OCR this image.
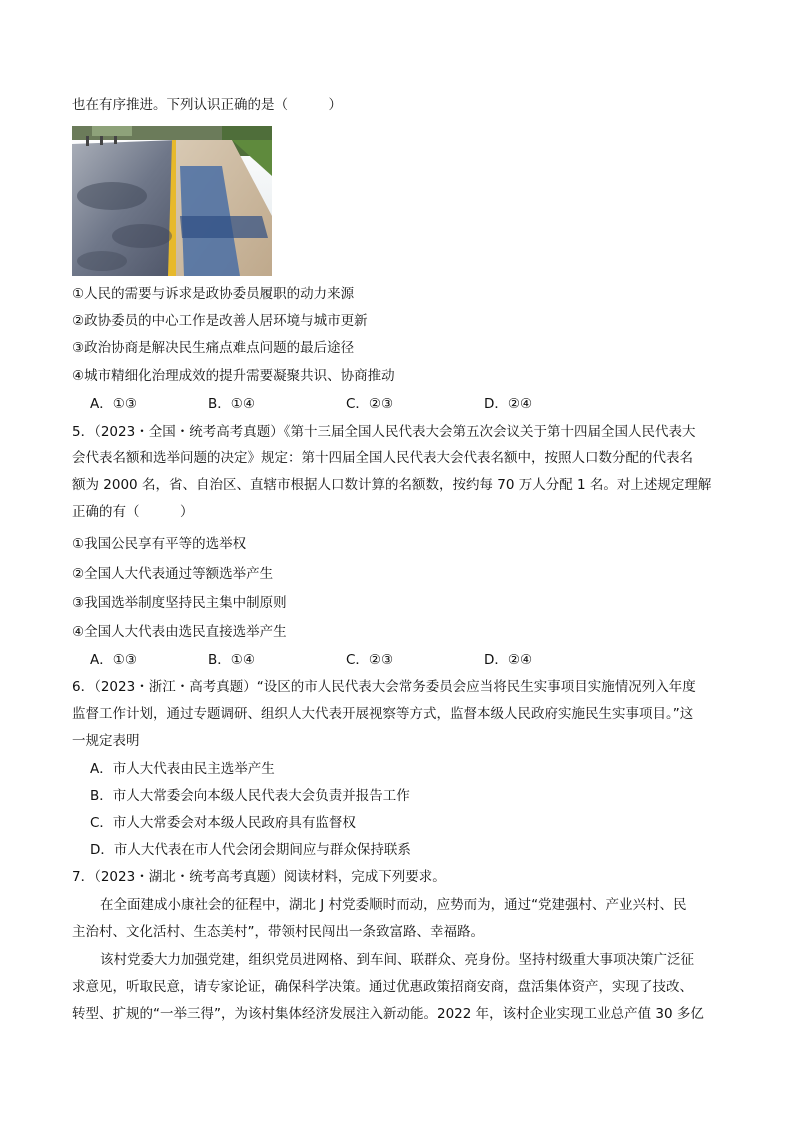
也在有序推进。下列认识正确的是（　　　）
①人民的需要与诉求是政协委员履职的动力来源
②政协委员的中心工作是改善人居环境与城市更新
③政治协商是解决民生痛点难点问题的最后途径
④城市精细化治理成效的提升需要凝聚共识、协商推动
A．①③	B．①④	C．②③	D．②④
5．（2023・全国・统考高考真题）《第十三届全国人民代表大会第五次会议关于第十四届全国人民代表大
会代表名额和选举问题的决定》规定：第十四届全国人民代表大会代表名额中，按照人口数分配的代表名
额为 2000 名，省、自治区、直辖市根据人口数计算的名额数，按约每 70 万人分配 1 名。对上述规定理解
正确的有（　　　）
①我国公民享有平等的选举权
②全国人大代表通过等额选举产生
③我国选举制度坚持民主集中制原则
④全国人大代表由选民直接选举产生
A．①③	B．①④	C．②③	D．②④
6．（2023・浙江・高考真题）“设区的市人民代表大会常务委员会应当将民生实事项目实施情况列入年度
监督工作计划，通过专题调研、组织人大代表开展视察等方式，监督本级人民政府实施民生实事项目。”这
一规定表明
A．市人大代表由民主选举产生
B．市人大常委会向本级人民代表大会负责并报告工作
C．市人大常委会对本级人民政府具有监督权
D．市人大代表在市人代会闭会期间应与群众保持联系
7．（2023・湖北・统考高考真题）阅读材料，完成下列要求。
在全面建成小康社会的征程中，湖北 J 村党委顺时而动，应势而为，通过“党建强村、产业兴村、民
主治村、文化活村、生态美村”，带领村民闯出一条致富路、幸福路。
该村党委大力加强党建，组织党员进网格、到车间、联群众、亮身份。坚持村级重大事项决策广泛征
求意见，听取民意，请专家论证，确保科学决策。通过优惠政策招商安商，盘活集体资产，实现了技改、
转型、扩规的“一举三得”，为该村集体经济发展注入新动能。2022 年，该村企业实现工业总产值 30 多亿
